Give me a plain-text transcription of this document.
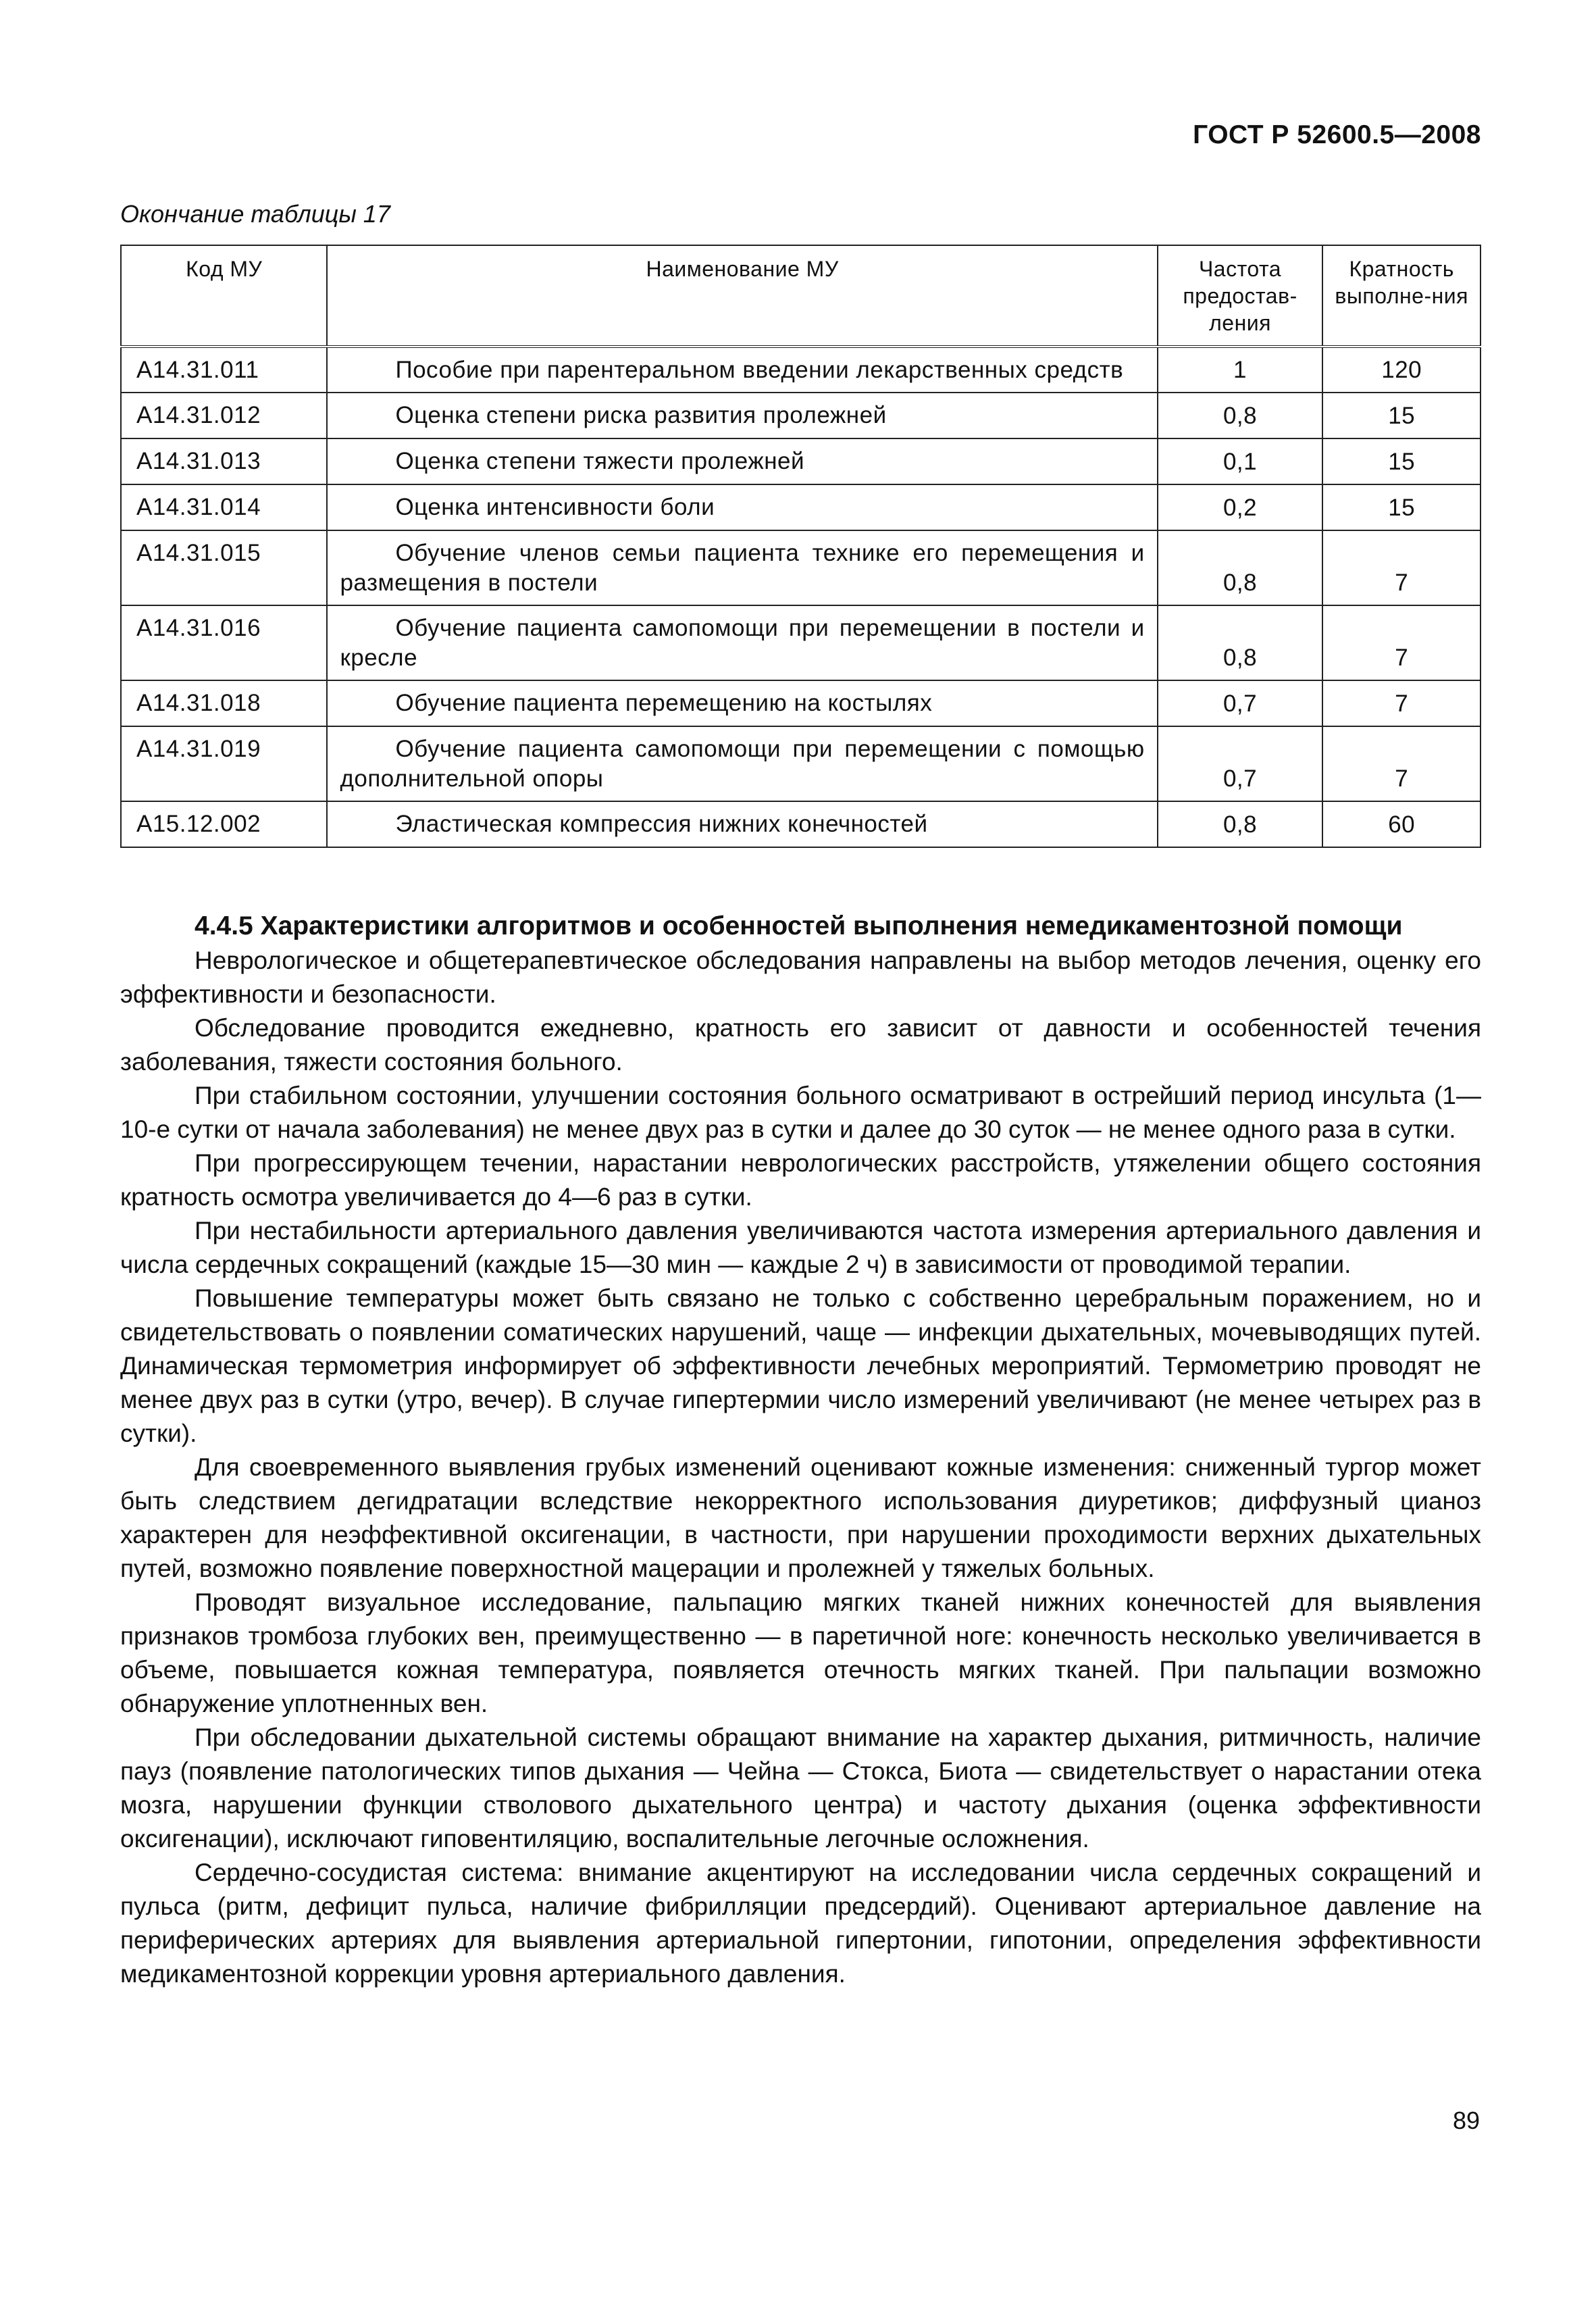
ГОСТ Р 52600.5—2008
Окончание таблицы 17
Код МУ	Наименование МУ	Частота предостав-ления	Кратность выполне-ния
A14.31.011	Пособие при парентеральном введении лекарственных средств	1	120
A14.31.012	Оценка степени риска развития пролежней	0,8	15
A14.31.013	Оценка степени тяжести пролежней	0,1	15
A14.31.014	Оценка интенсивности боли	0,2	15
A14.31.015	Обучение членов семьи пациента технике его перемещения и размещения в постели	0,8	7
A14.31.016	Обучение пациента самопомощи при перемещении в постели и кресле	0,8	7
A14.31.018	Обучение пациента перемещению на костылях	0,7	7
A14.31.019	Обучение пациента самопомощи при перемещении с помощью дополнительной опоры	0,7	7
A15.12.002	Эластическая компрессия нижних конечностей	0,8	60
4.4.5 Характеристики алгоритмов и особенностей выполнения немедикаментозной помощи

Неврологическое и общетерапевтическое обследования направлены на выбор методов лечения, оценку его эффективности и безопасности.

Обследование проводится ежедневно, кратность его зависит от давности и особенностей течения заболевания, тяжести состояния больного.

При стабильном состоянии, улучшении состояния больного осматривают в острейший период инсульта (1—10-е сутки от начала заболевания) не менее двух раз в сутки и далее до 30 суток — не менее одного раза в сутки.

При прогрессирующем течении, нарастании неврологических расстройств, утяжелении общего состояния кратность осмотра увеличивается до 4—6 раз в сутки.

При нестабильности артериального давления увеличиваются частота измерения артериального давления и числа сердечных сокращений (каждые 15—30 мин — каждые 2 ч) в зависимости от проводимой терапии.

Повышение температуры может быть связано не только с собственно церебральным поражением, но и свидетельствовать о появлении соматических нарушений, чаще — инфекции дыхательных, мочевыводящих путей. Динамическая термометрия информирует об эффективности лечебных мероприятий. Термометрию проводят не менее двух раз в сутки (утро, вечер). В случае гипертермии число измерений увеличивают (не менее четырех раз в сутки).

Для своевременного выявления грубых изменений оценивают кожные изменения: сниженный тургор может быть следствием дегидратации вследствие некорректного использования диуретиков; диффузный цианоз характерен для неэффективной оксигенации, в частности, при нарушении проходимости верхних дыхательных путей, возможно появление поверхностной мацерации и пролежней у тяжелых больных.

Проводят визуальное исследование, пальпацию мягких тканей нижних конечностей для выявления признаков тромбоза глубоких вен, преимущественно — в паретичной ноге: конечность несколько увеличивается в объеме, повышается кожная температура, появляется отечность мягких тканей. При пальпации возможно обнаружение уплотненных вен.

При обследовании дыхательной системы обращают внимание на характер дыхания, ритмичность, наличие пауз (появление патологических типов дыхания — Чейна — Стокса, Биота — свидетельствует о нарастании отека мозга, нарушении функции стволового дыхательного центра) и частоту дыхания (оценка эффективности оксигенации), исключают гиповентиляцию, воспалительные легочные осложнения.

Сердечно-сосудистая система: внимание акцентируют на исследовании числа сердечных сокращений и пульса (ритм, дефицит пульса, наличие фибрилляции предсердий). Оценивают артериальное давление на периферических артериях для выявления артериальной гипертонии, гипотонии, определения эффективности медикаментозной коррекции уровня артериального давления.

89
